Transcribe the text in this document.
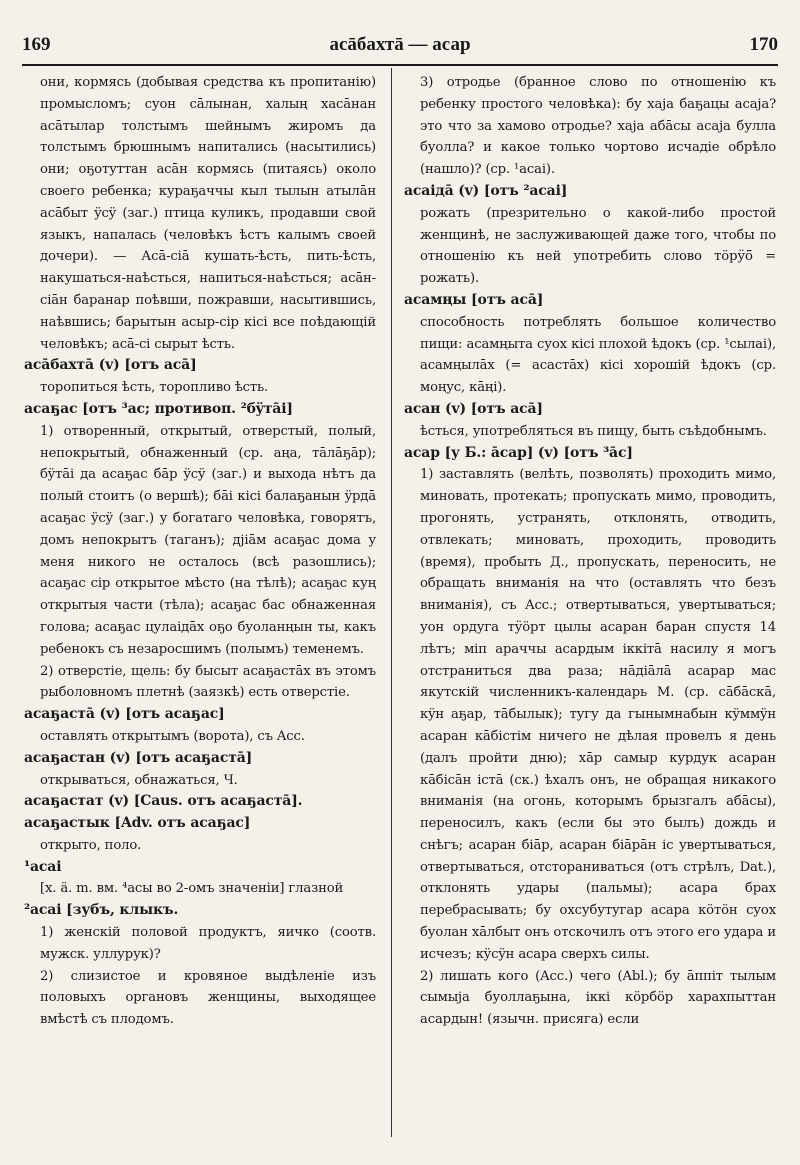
169	асāбахтā — асар	170

они, кормясь (добывая средства къ пропитанію) промысломъ; суон сāлынан, халың хасāнан асāтылар толстымъ шейнымъ жиромъ да толстымъ брюшнымъ напитались (насытились) они; оҕотуттан асāн кормясь (питаясь) около своего ребенка; кураҕаччы кыл тылын атылāн асāбыт ÿсÿ (заг.) птица куликъ, продавши свой языкъ, напалась (человѣкъ ѣстъ калымъ своей дочери). — Асā-сіā кушать-ѣсть, пить-ѣсть, накушаться-наѣсться, напиться-наѣсться; асāн-сіāн баранар поѣвши, пожравши, насытившись, наѣвшись; барытын асыр-сір кісі все поѣдающій человѣкъ; асā-сі сырыт ѣсть.

асāбахтā (v) [отъ асā]

торопиться ѣсть, торопливо ѣсть.

асаҕас [отъ ³ас; противоп. ²бÿтāі]

1) отворенный, открытый, отверстый, полый, непокрытый, обнаженный (ср. аңа, тāлāҕāр); бÿтāі да асаҕас бāр ÿсÿ (заг.) и выхода нѣтъ да полый стоитъ (о вершѣ); бāі кісі балаҕанын ÿрдā асаҕас ÿсÿ (заг.) у богатаго человѣка, говорятъ, домъ непокрытъ (таганъ); дјіāм асаҕас дома у меня никого не осталось (всѣ разошлись); асаҕас сір открытое мѣсто (на тѣлѣ); асаҕас куң открытыя части (тѣла); асаҕас бас обнаженная голова; асаҕас цулаiдāх оҕо буоланңын ты, какъ ребенокъ съ незаросшимъ (полымъ) теменемъ.

2) отверстіе, щель: бу бысыт асаҕастāх въ этомъ рыболовномъ плетнѣ (заязкѣ) есть отверстіе.

асаҕастā (v) [отъ асаҕас]

оставлять открытымъ (ворота), съ Acc.

асаҕастан (v) [отъ асаҕастā]

открываться, обнажаться, Ч.

асаҕастат (v) [Caus. отъ асаҕастā].

асаҕастык [Adv. отъ асаҕас]

открыто, поло.

¹асаі

[х. ä. m. вм. ⁴асы во 2-омъ значеніи] глазной

²асаі [зубъ, клыкъ.

1) женскій половой продуктъ, яичко (соотв. мужск. уллурук)?

2) слизистое и кровяное выдѣленіе изъ половыхъ органовъ женщины, выходящее вмѣстѣ съ плодомъ.

3) отродье (бранное слово по отношенію къ ребенку простого человѣка): бу хаја баҕацы асаја? это что за хамово отродье? хаја абāсы асаја булла буолла? и какое только чортово исчадіе обрѣло (нашло)? (ср. ¹асаі).

асаідā (v) [отъ ²асаі]

рожать (презрительно о какой-либо простой женщинѣ, не заслуживающей даже того, чтобы по отношенію къ ней употребить слово тӧрӱӧ̄ = рожать).

асамңы [отъ асā]

способность потреблять большое количество пищи: асамңыта суох кісі плохой ѣдокъ (ср. ¹сылаі), асамңылāх (= асастāх) кісі хорошій ѣдокъ (ср. моңус, кāңі).

асан (v) [отъ асā]

ѣсться, употребляться въ пищу, быть съѣдобнымъ.

асар [у Б.: āсар] (v) [отъ ³āс]

1) заставлять (велѣть, позволять) проходить мимо, миновать, протекать; пропускать мимо, проводить, прогонять, устранять, отклонять, отводить, отвлекать; миновать, проходить, проводить (время), пробыть Д., пропускать, переносить, не обращать вниманія на что (оставлять что безъ вниманія), съ Acc.; отвертываться, увертываться; уон ордуга тӱӧрт цылы асаран баран спустя 14 лѣтъ; міп араччы асардым іккітā насилу я могъ отстраниться два раза; нāдіāлā асарар мас якутскій численникъ-календарь М. (ср. сāбāскā, кÿн аҕар, тāбылык); тугу да гынымнабын кÿммÿн асаран кāбістім ничего не дѣлая провелъ я день (далъ пройти дню); хāр самыр курдук асаран кāбісāн істā (ск.) ѣхалъ онъ, не обращая никакого вниманія (на огонь, которымъ брызгалъ абāсы), переносилъ, какъ (если бы это былъ) дождь и снѣгъ; асаран біāр, асаран біāрāн іс увертываться, отвертываться, отстораниваться (отъ стрѣлъ, Dat.), отклонять удары (пальмы); асара брах перебрасывать; бу охсубутугар асара кӧтӧн суох буолан хāлбыт онъ отскочилъ отъ этого его удара и исчезъ; кÿсÿн асара сверхъ силы.

2) лишать кого (Acc.) чего (Abl.); бу āппіт тылым сымыја буоллаҕына, іккі кӧрбӧр харахпыттан асардын! (язычн. присяга) если
